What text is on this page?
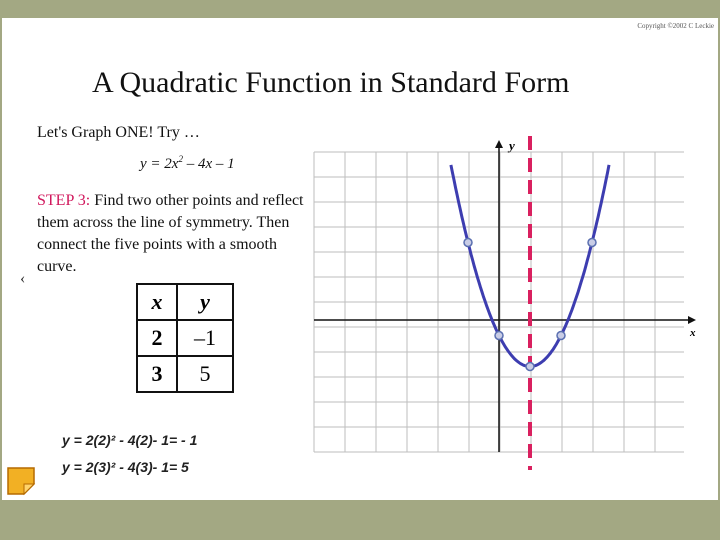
Copyright ©2002 C Leckie
A Quadratic Function in Standard Form
Let's Graph ONE! Try …
$y = 2x^2 - 4x - 1$
STEP 3: Find two other points and reflect them across the line of symmetry. Then connect the five points with a smooth curve.
‹
x	y
2	–1
3	5
y = 2(2)² - 4(2)- 1= - 1
y = 2(3)² - 4(3)- 1= 5
x
y
